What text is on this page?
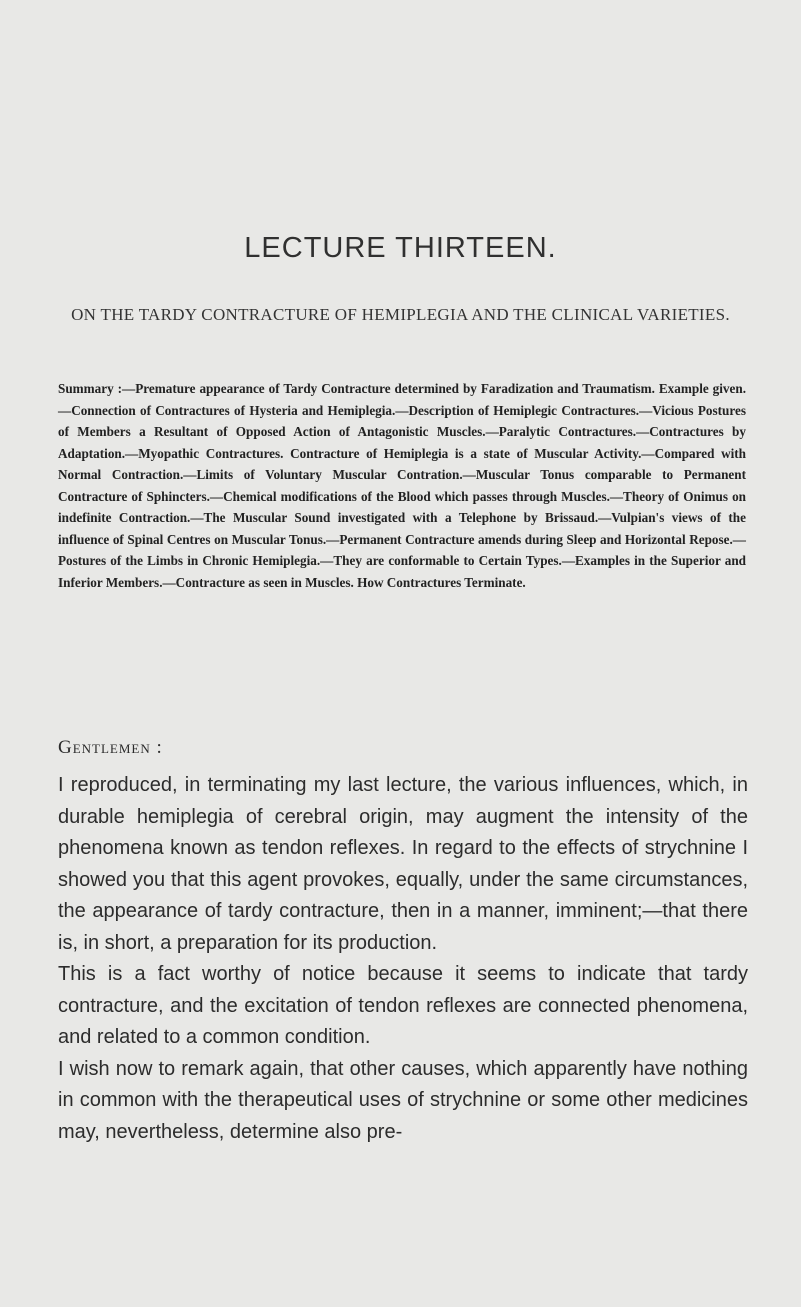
LECTURE THIRTEEN.
ON THE TARDY CONTRACTURE OF HEMIPLEGIA AND THE CLINICAL VARIETIES.

Summary :—Premature appearance of Tardy Contracture determined by Faradization and Traumatism. Example given.—Connection of Contractures of Hysteria and Hemiplegia.—Description of Hemiplegic Contractures.—Vicious Postures of Members a Resultant of Opposed Action of Antagonistic Muscles.—Paralytic Contractures.—Contractures by Adaptation.—Myopathic Contractures. Contracture of Hemiplegia is a state of Muscular Activity.—Compared with Normal Contraction.—Limits of Voluntary Muscular Contration.—Muscular Tonus comparable to Permanent Contracture of Sphincters.—Chemical modifications of the Blood which passes through Muscles.—Theory of Onimus on indefinite Contraction.—The Muscular Sound investigated with a Telephone by Brissaud.—Vulpian's views of the influence of Spinal Centres on Muscular Tonus.—Permanent Contracture amends during Sleep and Horizontal Repose.—Postures of the Limbs in Chronic Hemiplegia.—They are conformable to Certain Types.—Examples in the Superior and Inferior Members.—Contracture as seen in Muscles. How Contractures Terminate.

Gentlemen :

I reproduced, in terminating my last lecture, the various influences, which, in durable hemiplegia of cerebral origin, may augment the intensity of the phenomena known as tendon reflexes. In regard to the effects of strychnine I showed you that this agent provokes, equally, under the same circumstances, the appearance of tardy contracture, then in a manner, imminent;—that there is, in short, a preparation for its production.

This is a fact worthy of notice because it seems to indicate that tardy contracture, and the excitation of tendon reflexes are connected phenomena, and related to a common condition.

I wish now to remark again, that other causes, which apparently have nothing in common with the therapeutical uses of strychnine or some other medicines may, nevertheless, determine also pre-
